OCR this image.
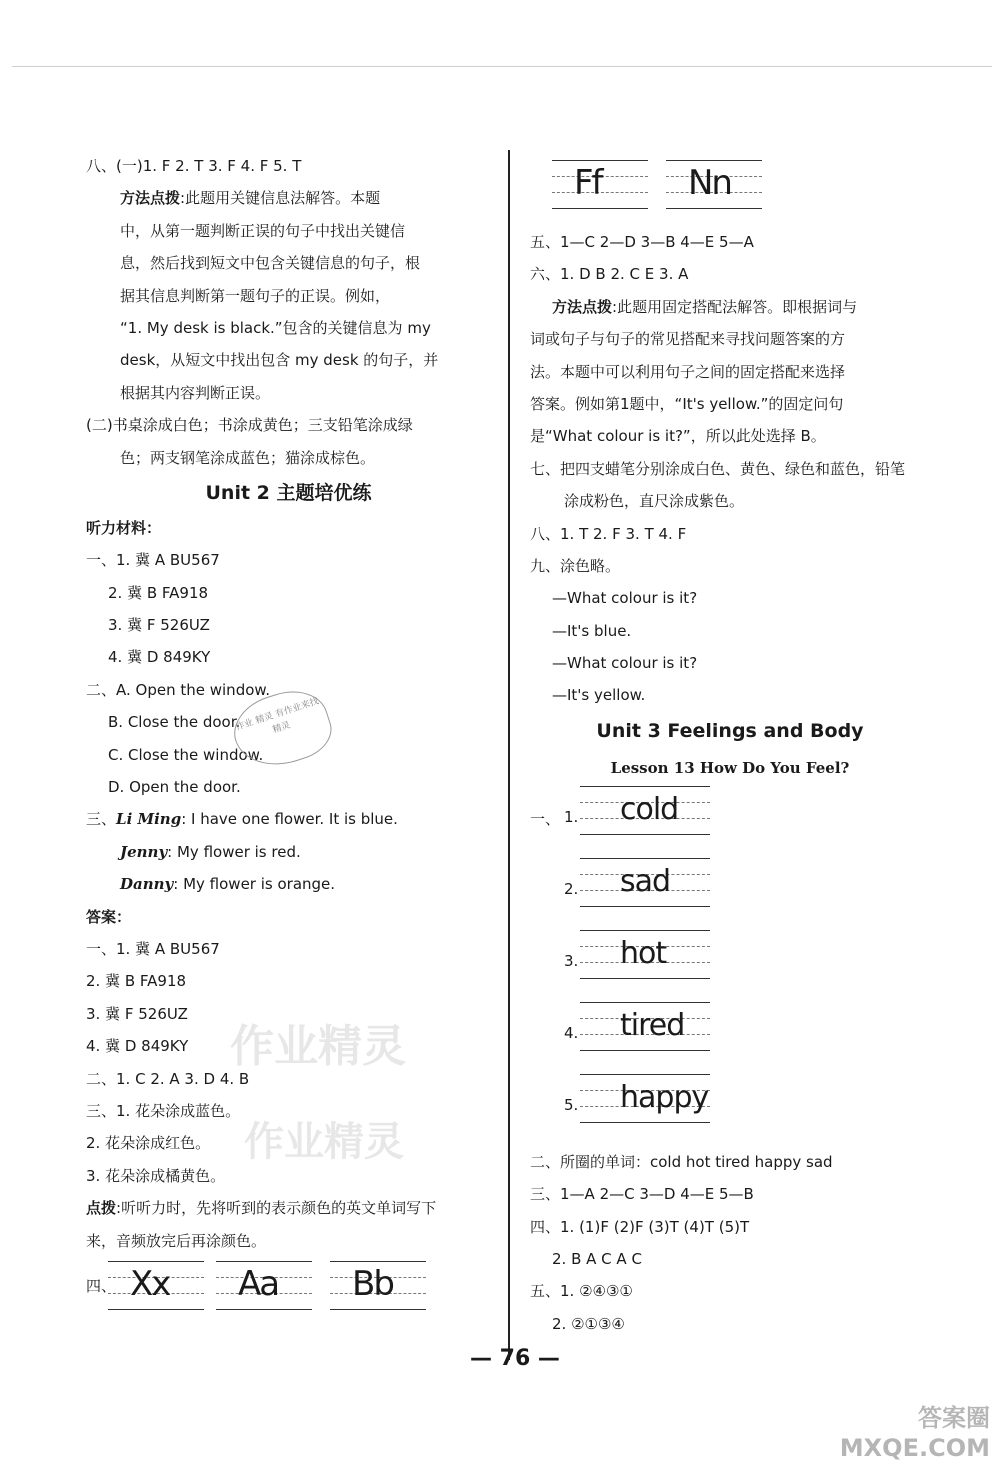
八、(一)1. F 2. T 3. F 4. F 5. T
方法点拨:此题用关键信息法解答。本题
中，从第一题判断正误的句子中找出关键信
息，然后找到短文中包含关键信息的句子，根
据其信息判断第一题句子的正误。例如，
“1. My desk is black.”包含的关键信息为 my
desk，从短文中找出包含 my desk 的句子，并
根据其内容判断正误。
(二)书桌涂成白色；书涂成黄色；三支铅笔涂成绿
色；两支钢笔涂成蓝色；猫涂成棕色。
Unit 2 主题培优练
听力材料：
一、1. 冀 A BU567
2. 冀 B FA918
3. 冀 F 526UZ
4. 冀 D 849KY
二、A. Open the window.
B. Close the door.
C. Close the window.
D. Open the door.
三、Li Ming: I have one flower. It is blue.
Jenny: My flower is red.
Danny: My flower is orange.
答案：
一、1. 冀 A BU567
2. 冀 B FA918
3. 冀 F 526UZ
4. 冀 D 849KY
二、1. C 2. A 3. D 4. B
三、1. 花朵涂成蓝色。
2. 花朵涂成红色。
3. 花朵涂成橘黄色。
点拨:听听力时，先将听到的表示颜色的英文单词写下
来，音频放完后再涂颜色。
四、 Xx Aa Bb
Ff	Nn
五、1—C 2—D 3—B 4—E 5—A
六、1. D B 2. C E 3. A
方法点拨:此题用固定搭配法解答。即根据词与
词或句子与句子的常见搭配来寻找问题答案的方
法。本题中可以利用句子之间的固定搭配来选择
答案。例如第1题中，“It's yellow.”的固定问句
是“What colour is it?”，所以此处选择 B。
七、把四支蜡笔分别涂成白色、黄色、绿色和蓝色，铅笔
涂成粉色，直尺涂成紫色。
八、1. T 2. F 3. T 4. F
九、涂色略。
—What colour is it?
—It's blue.
—What colour is it?
—It's yellow.
Unit 3 Feelings and Body
Lesson 13 How Do You Feel?
一、 1. cold
2. sad
3. hot
4. tired
5. happy
二、所圈的单词：cold hot tired happy sad
三、1—A 2—C 3—D 4—E 5—B
四、1. (1)F (2)F (3)T (4)T (5)T
2. B A C A C
五、1. ②④③①
2. ②①③④
— 76 —
作业 精灵 有作业来找精灵
作业精灵
作业精灵
答案圈
MXQE.COM
